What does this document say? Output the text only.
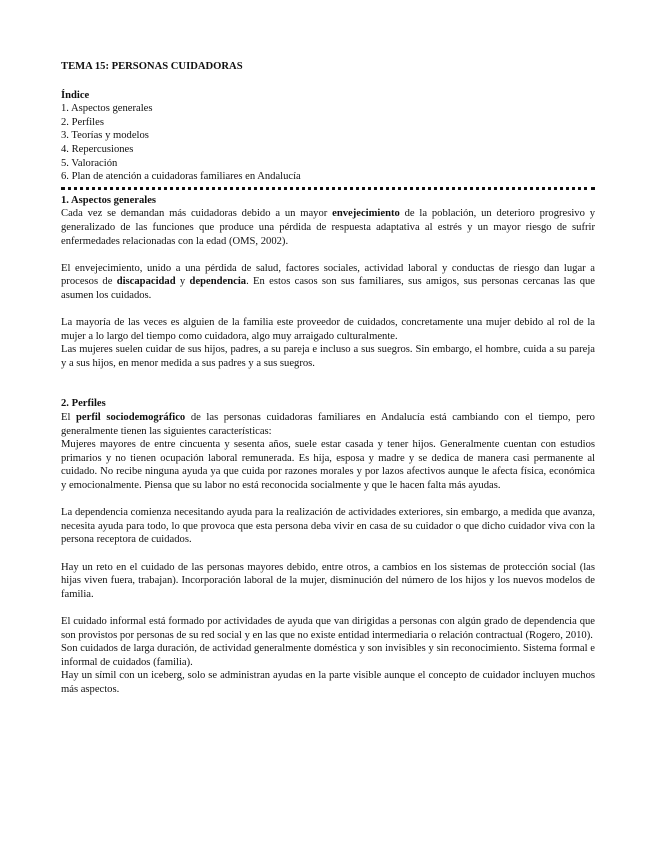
TEMA 15: PERSONAS CUIDADORAS

Índice

1. Aspectos generales

2. Perfiles

3. Teorías y modelos

4. Repercusiones

5. Valoración

6. Plan de atención a cuidadoras familiares en Andalucía

1. Aspectos generales

Cada vez se demandan más cuidadoras debido a un mayor envejecimiento de la población, un deterioro progresivo y generalizado de las funciones que produce una pérdida de respuesta adaptativa al estrés y un mayor riesgo de sufrir enfermedades relacionadas con la edad (OMS, 2002).

El envejecimiento, unido a una pérdida de salud, factores sociales, actividad laboral y conductas de riesgo dan lugar a procesos de discapacidad y dependencia. En estos casos son sus familiares, sus amigos, sus personas cercanas las que asumen los cuidados.

La mayoría de las veces es alguien de la familia este proveedor de cuidados, concretamente una mujer debido al rol de la mujer a lo largo del tiempo como cuidadora, algo muy arraigado culturalmente.

Las mujeres suelen cuidar de sus hijos, padres, a su pareja e incluso a sus suegros. Sin embargo, el hombre, cuida a su pareja y a sus hijos, en menor medida a sus padres y a sus suegros.

2. Perfiles

El perfil sociodemográfico de las personas cuidadoras familiares en Andalucía está cambiando con el tiempo, pero generalmente tienen las siguientes características:

Mujeres mayores de entre cincuenta y sesenta años, suele estar casada y tener hijos. Generalmente cuentan con estudios primarios y no tienen ocupación laboral remunerada. Es hija, esposa y madre y se dedica de manera casi permanente al cuidado. No recibe ninguna ayuda ya que cuida por razones morales y por lazos afectivos aunque le afecta física, económica y emocionalmente. Piensa que su labor no está reconocida socialmente y que le hacen falta más ayudas.

La dependencia comienza necesitando ayuda para la realización de actividades exteriores, sin embargo, a medida que avanza, necesita ayuda para todo, lo que provoca que esta persona deba vivir en casa de su cuidador o que dicho cuidador viva con la persona receptora de cuidados.

Hay un reto en el cuidado de las personas mayores debido, entre otros, a cambios en los sistemas de protección social (las hijas viven fuera, trabajan). Incorporación laboral de la mujer, disminución del número de los hijos y los nuevos modelos de familia.

El cuidado informal está formado por actividades de ayuda que van dirigidas a personas con algún grado de dependencia que son provistos por personas de su red social y en las que no existe entidad intermediaria o relación contractual (Rogero, 2010).

Son cuidados de larga duración, de actividad generalmente doméstica y son invisibles y sin reconocimiento. Sistema formal e informal de cuidados (familia).

Hay un símil con un iceberg, solo se administran ayudas en la parte visible aunque el concepto de cuidador incluyen muchos más aspectos.
